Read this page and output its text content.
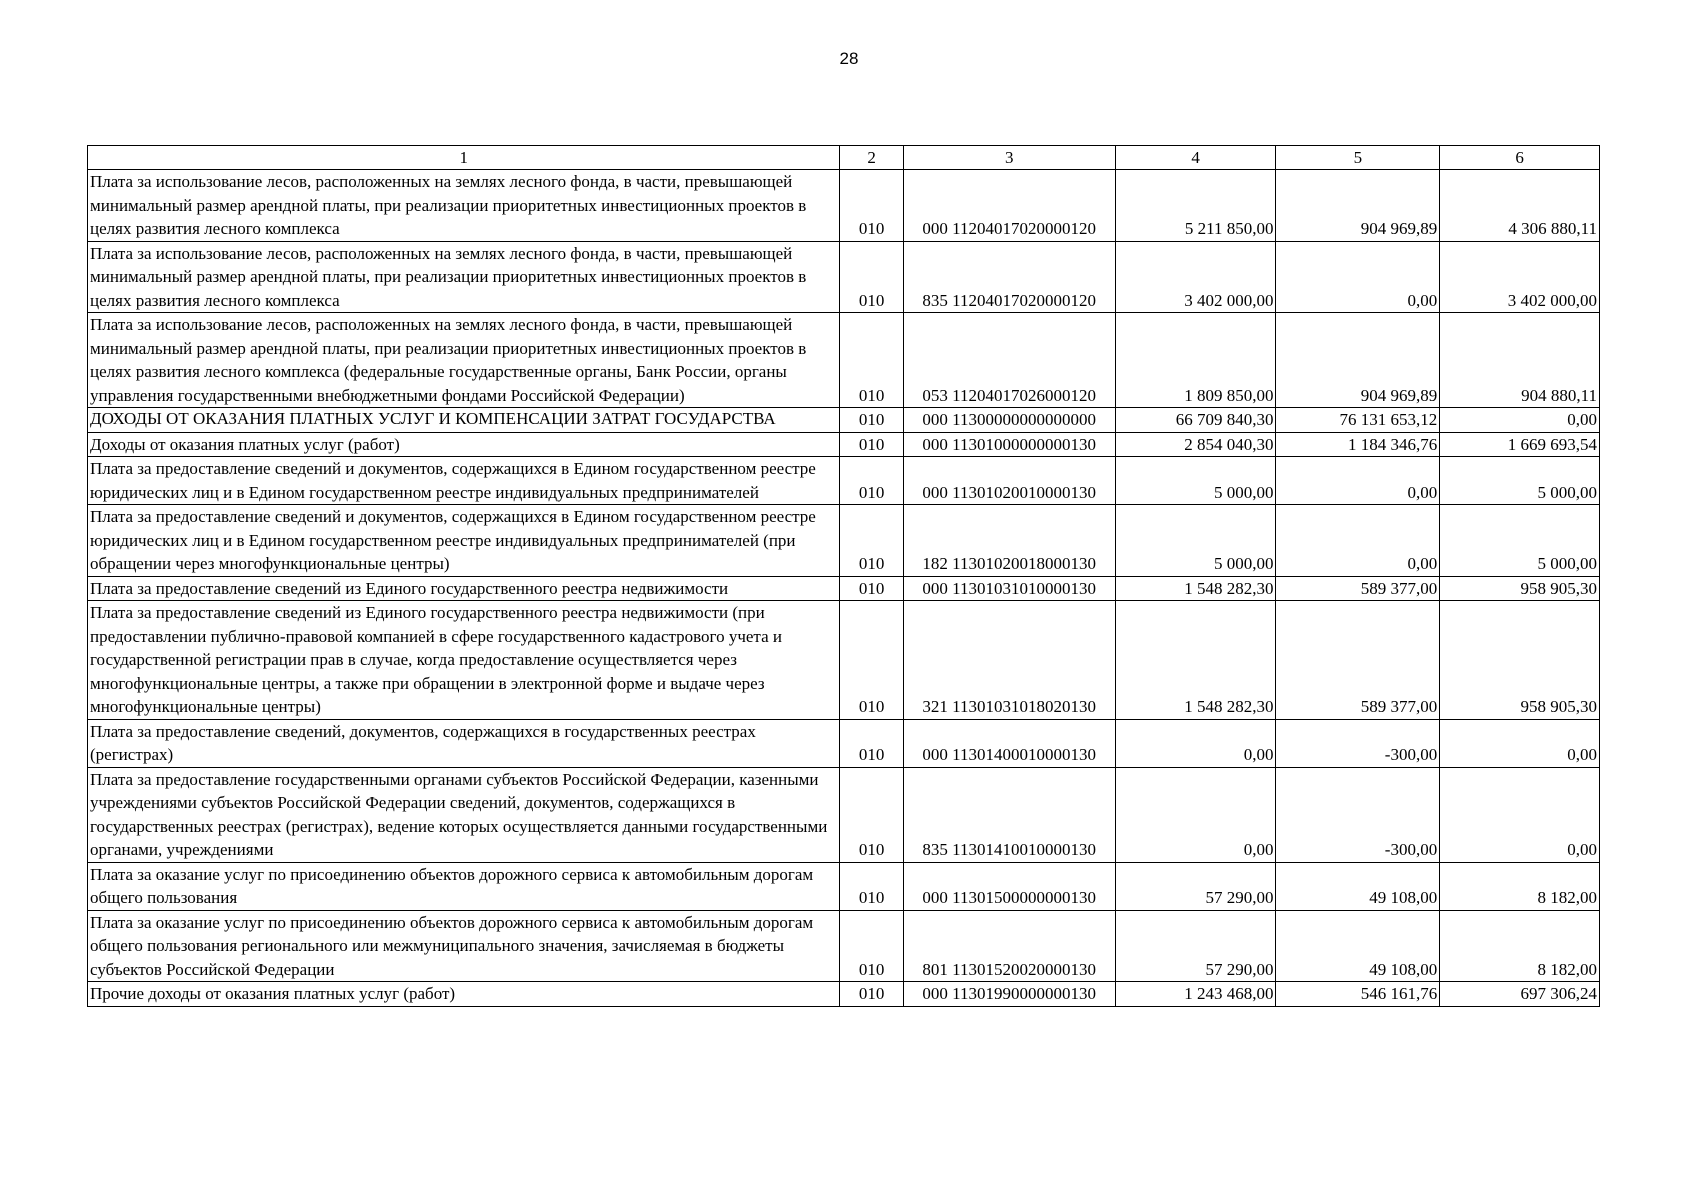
28
1	2	3	4	5	6
Плата за использование лесов, расположенных на землях лесного фонда, в части, превышающей минимальный размер арендной платы, при реализации приоритетных инвестиционных проектов в целях развития лесного комплекса	010	000 11204017020000120	5 211 850,00	904 969,89	4 306 880,11
Плата за использование лесов, расположенных на землях лесного фонда, в части, превышающей минимальный размер арендной платы, при реализации приоритетных инвестиционных проектов в целях развития лесного комплекса	010	835 11204017020000120	3 402 000,00	0,00	3 402 000,00
Плата за использование лесов, расположенных на землях лесного фонда, в части, превышающей минимальный размер арендной платы, при реализации приоритетных инвестиционных проектов в целях развития лесного комплекса (федеральные государственные органы, Банк России, органы управления государственными внебюджетными фондами Российской Федерации)	010	053 11204017026000120	1 809 850,00	904 969,89	904 880,11
ДОХОДЫ ОТ ОКАЗАНИЯ ПЛАТНЫХ УСЛУГ И КОМПЕНСАЦИИ ЗАТРАТ ГОСУДАРСТВА	010	000 11300000000000000	66 709 840,30	76 131 653,12	0,00
Доходы от оказания платных услуг (работ)	010	000 11301000000000130	2 854 040,30	1 184 346,76	1 669 693,54
Плата за предоставление сведений и документов, содержащихся в Едином государственном реестре юридических лиц и в Едином государственном реестре индивидуальных предпринимателей	010	000 11301020010000130	5 000,00	0,00	5 000,00
Плата за предоставление сведений и документов, содержащихся в Едином государственном реестре юридических лиц и в Едином государственном реестре индивидуальных предпринимателей (при обращении через многофункциональные центры)	010	182 11301020018000130	5 000,00	0,00	5 000,00
Плата за предоставление сведений из Единого государственного реестра недвижимости	010	000 11301031010000130	1 548 282,30	589 377,00	958 905,30
Плата за предоставление сведений из Единого государственного реестра недвижимости (при предоставлении публично-правовой компанией в сфере государственного кадастрового учета и государственной регистрации прав в случае, когда предоставление осуществляется через многофункциональные центры, а также при обращении в электронной форме и выдаче через многофункциональные центры)	010	321 11301031018020130	1 548 282,30	589 377,00	958 905,30
Плата за предоставление сведений, документов, содержащихся в государственных реестрах (регистрах)	010	000 11301400010000130	0,00	-300,00	0,00
Плата за предоставление государственными органами субъектов Российской Федерации, казенными учреждениями субъектов Российской Федерации сведений, документов, содержащихся в государственных реестрах (регистрах), ведение которых осуществляется данными государственными органами, учреждениями	010	835 11301410010000130	0,00	-300,00	0,00
Плата за оказание услуг по присоединению объектов дорожного сервиса к автомобильным дорогам общего пользования	010	000 11301500000000130	57 290,00	49 108,00	8 182,00
Плата за оказание услуг по присоединению объектов дорожного сервиса к автомобильным дорогам общего пользования регионального или межмуниципального значения, зачисляемая в бюджеты субъектов Российской Федерации	010	801 11301520020000130	57 290,00	49 108,00	8 182,00
Прочие доходы от оказания платных услуг (работ)	010	000 11301990000000130	1 243 468,00	546 161,76	697 306,24
